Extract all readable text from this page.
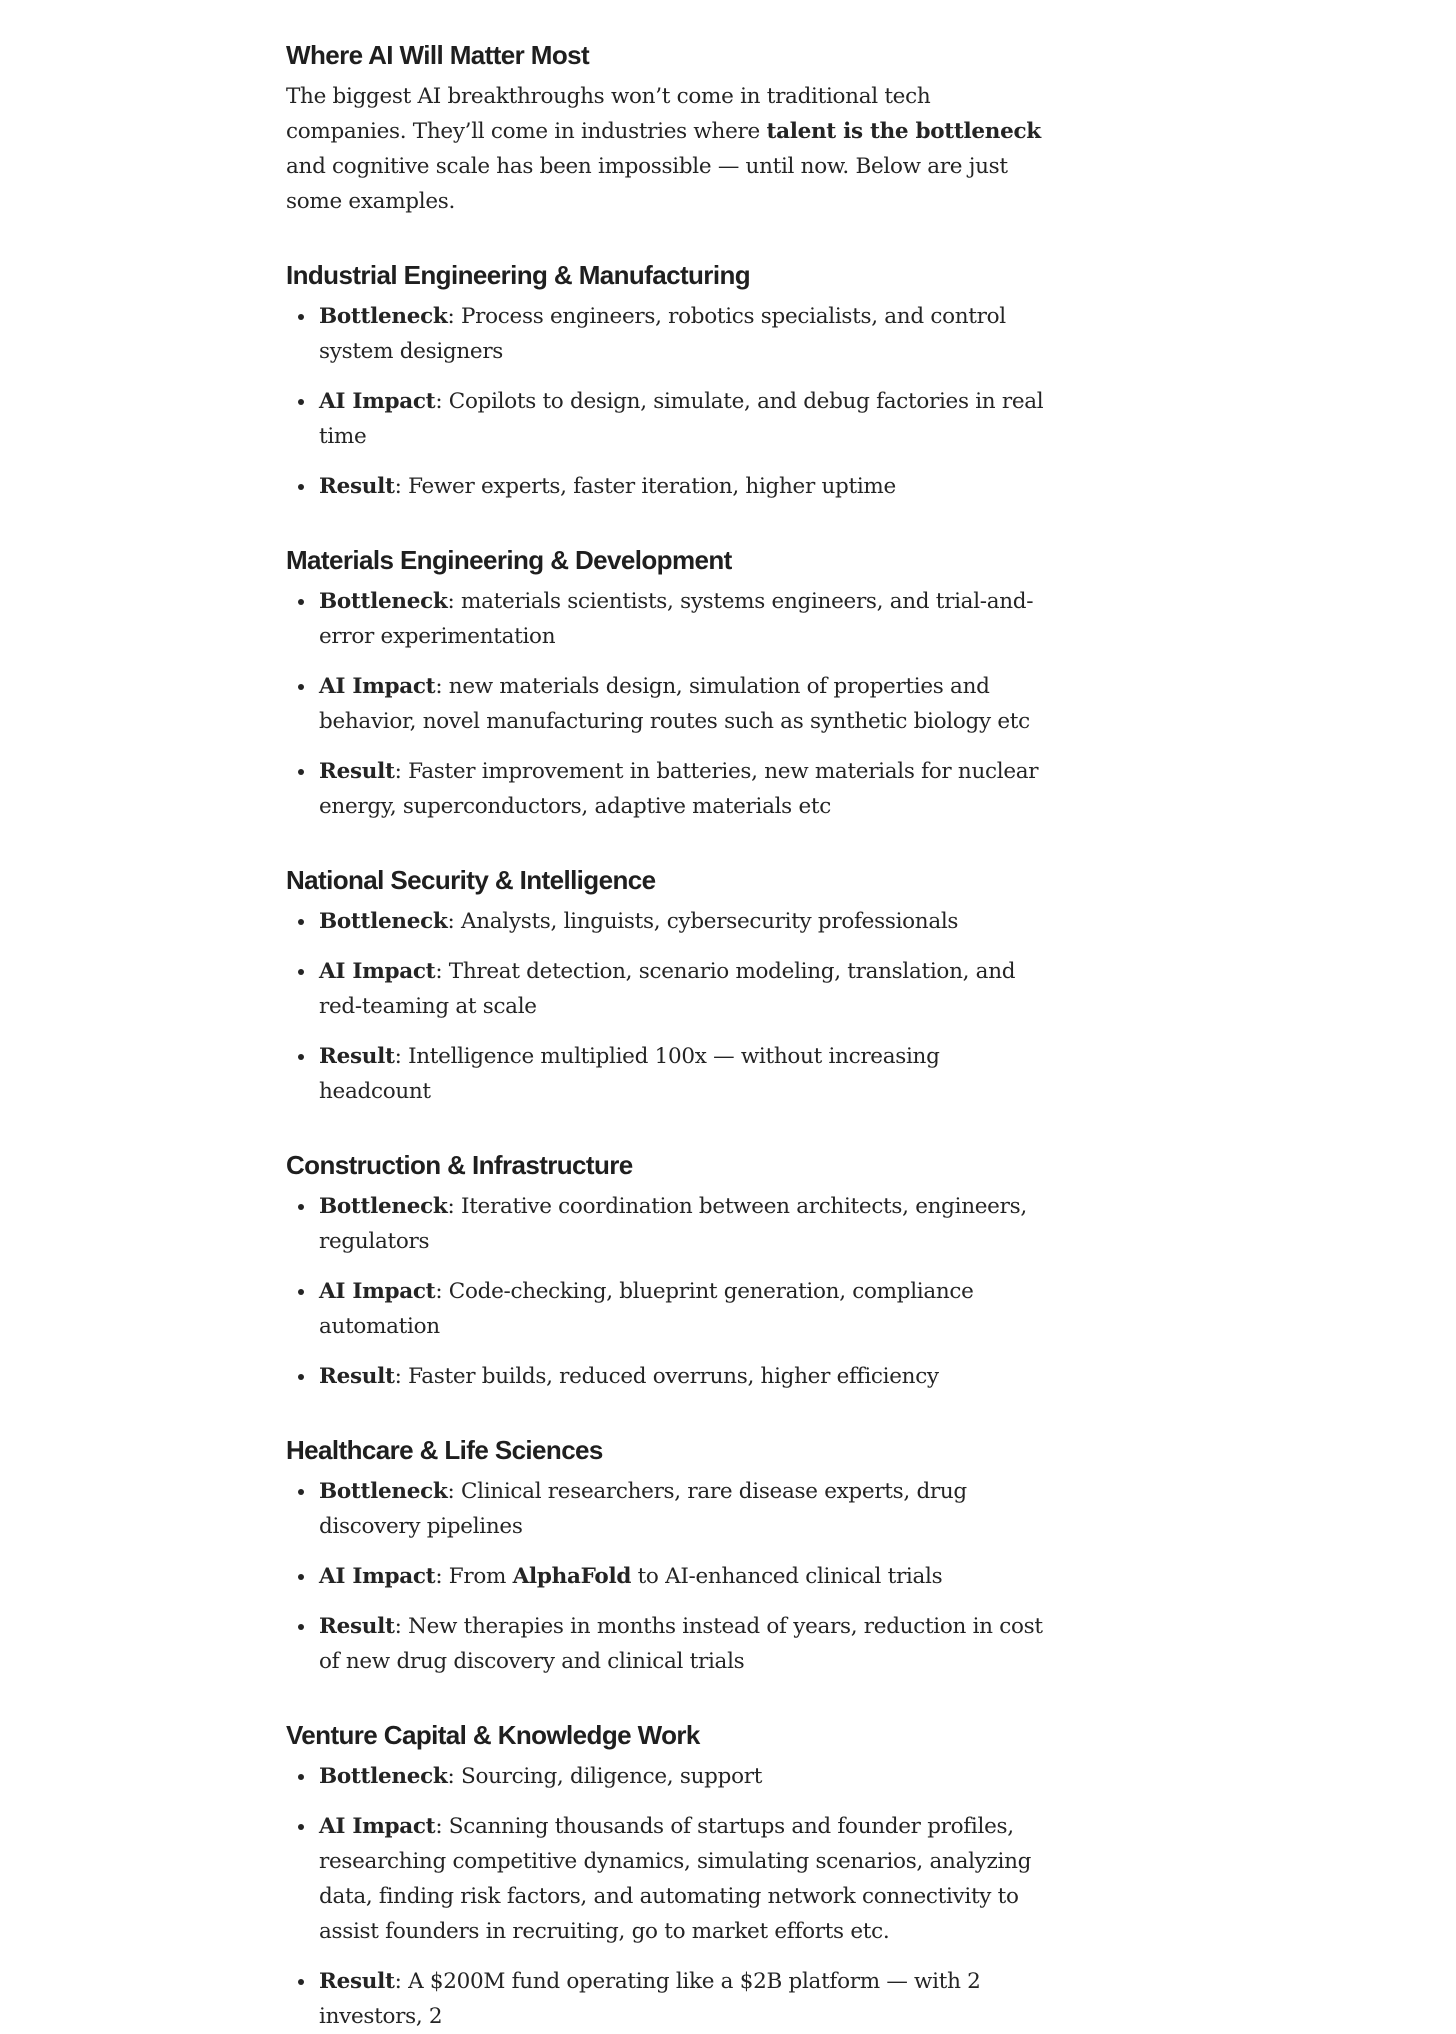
Where AI Will Matter Most

The biggest AI breakthroughs won’t come in traditional tech companies. They’ll come in industries where talent is the bottleneck and cognitive scale has been impossible — until now. Below are just some examples.

Industrial Engineering & Manufacturing
Bottleneck: Process engineers, robotics specialists, and control system designers
AI Impact: Copilots to design, simulate, and debug factories in real time
Result: Fewer experts, faster iteration, higher uptime
Materials Engineering & Development
Bottleneck: materials scientists, systems engineers, and trial-and-error experimentation
AI Impact: new materials design, simulation of properties and behavior, novel manufacturing routes such as synthetic biology etc
Result: Faster improvement in batteries, new materials for nuclear energy, superconductors, adaptive materials etc
National Security & Intelligence
Bottleneck: Analysts, linguists, cybersecurity professionals
AI Impact: Threat detection, scenario modeling, translation, and red-teaming at scale
Result: Intelligence multiplied 100x — without increasing headcount
Construction & Infrastructure
Bottleneck: Iterative coordination between architects, engineers, regulators
AI Impact: Code-checking, blueprint generation, compliance automation
Result: Faster builds, reduced overruns, higher efficiency
Healthcare & Life Sciences
Bottleneck: Clinical researchers, rare disease experts, drug discovery pipelines
AI Impact: From AlphaFold to AI-enhanced clinical trials
Result: New therapies in months instead of years, reduction in cost of new drug discovery and clinical trials
Venture Capital & Knowledge Work
Bottleneck: Sourcing, diligence, support
AI Impact: Scanning thousands of startups and founder profiles, researching competitive dynamics, simulating scenarios, analyzing data, finding risk factors, and automating network connectivity to assist founders in recruiting, go to market efforts etc.
Result: A $200M fund operating like a $2B platform — with 2 investors, 2
